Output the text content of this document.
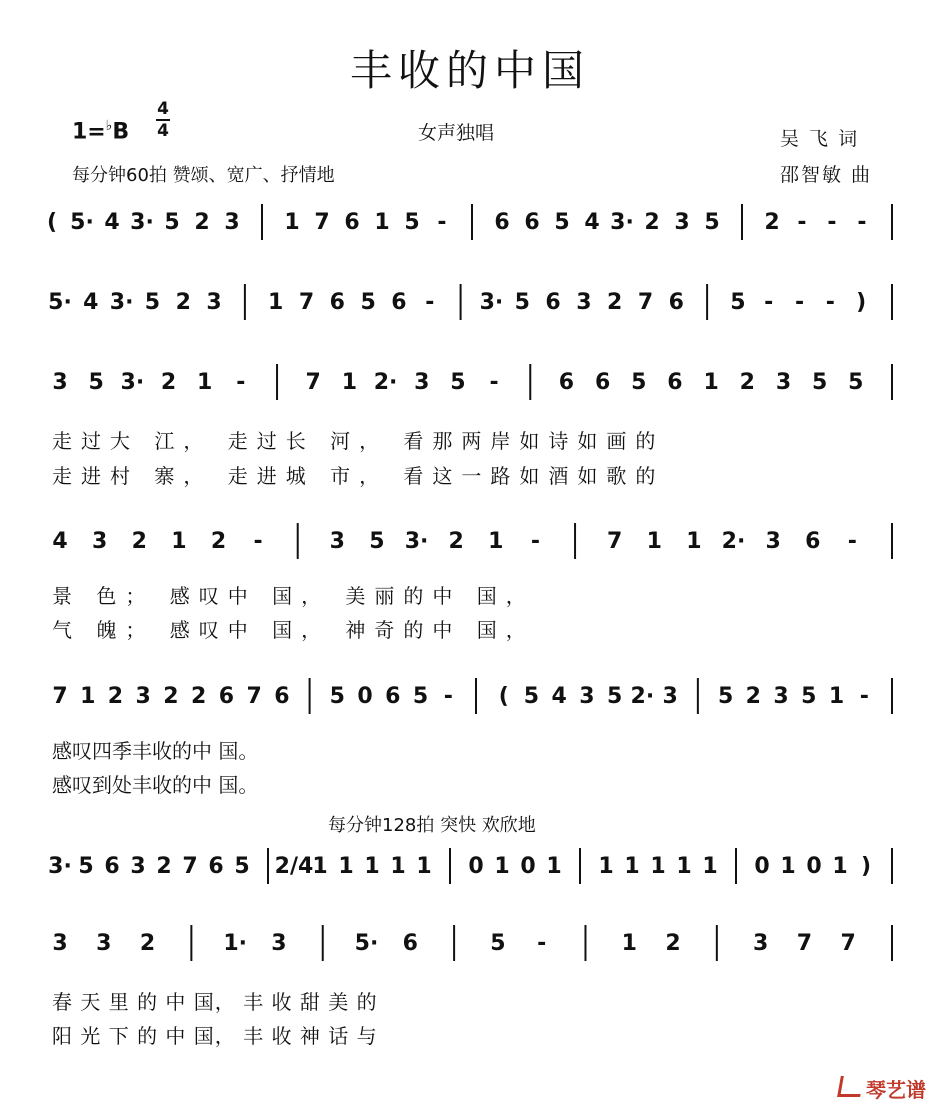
丰收的中国
1=♭B
4
4	女声独唱	吴 飞 词
邵智敏 曲
每分钟60拍 赞颂、宽广、抒情地
( 5· 4 3· 5 2 3 1 7 6 1 5 - 6 6 5 4 3· 2 3 5 2 - - -
5· 4 3· 5 2 3 1 7 6 5 6 - 3· 5 6 3 2 7 6 5 - - - )
3 5 3· 2 1 -	7 1 2· 3 5 -	6 6 5 6 1 2 3 5 5
4 3 2 1 2 -	3 5 3· 2 1 -	7 1 1 2· 3 6 -
7 1 2 3 2 2 6 7 6 5 0 6 5 - ( 5 4 3 5 2· 3 5 2 3 5 1 -
3· 5 6 3 2 7 6 5 2/4 1 1 1 1 1 0 1 0 1 1 1 1 1 1 0 1 0 1 )
3 3 2	1· 3	5· 6	5 -	1 2	3 7 7
走过大 江， 走过长 河， 看那两岸如诗如画的
走进村 寨， 走进城 市， 看这一路如酒如歌的
景 色； 感叹中 国， 美丽的中 国，
气 魄； 感叹中 国， 神奇的中 国，
感叹四季丰收的中 国。
感叹到处丰收的中 国。
每分钟128拍 突快 欢欣地
春 天 里 的 中 国， 丰 收 甜 美 的
阳 光 下 的 中 国， 丰 收 神 话 与
琴艺谱
